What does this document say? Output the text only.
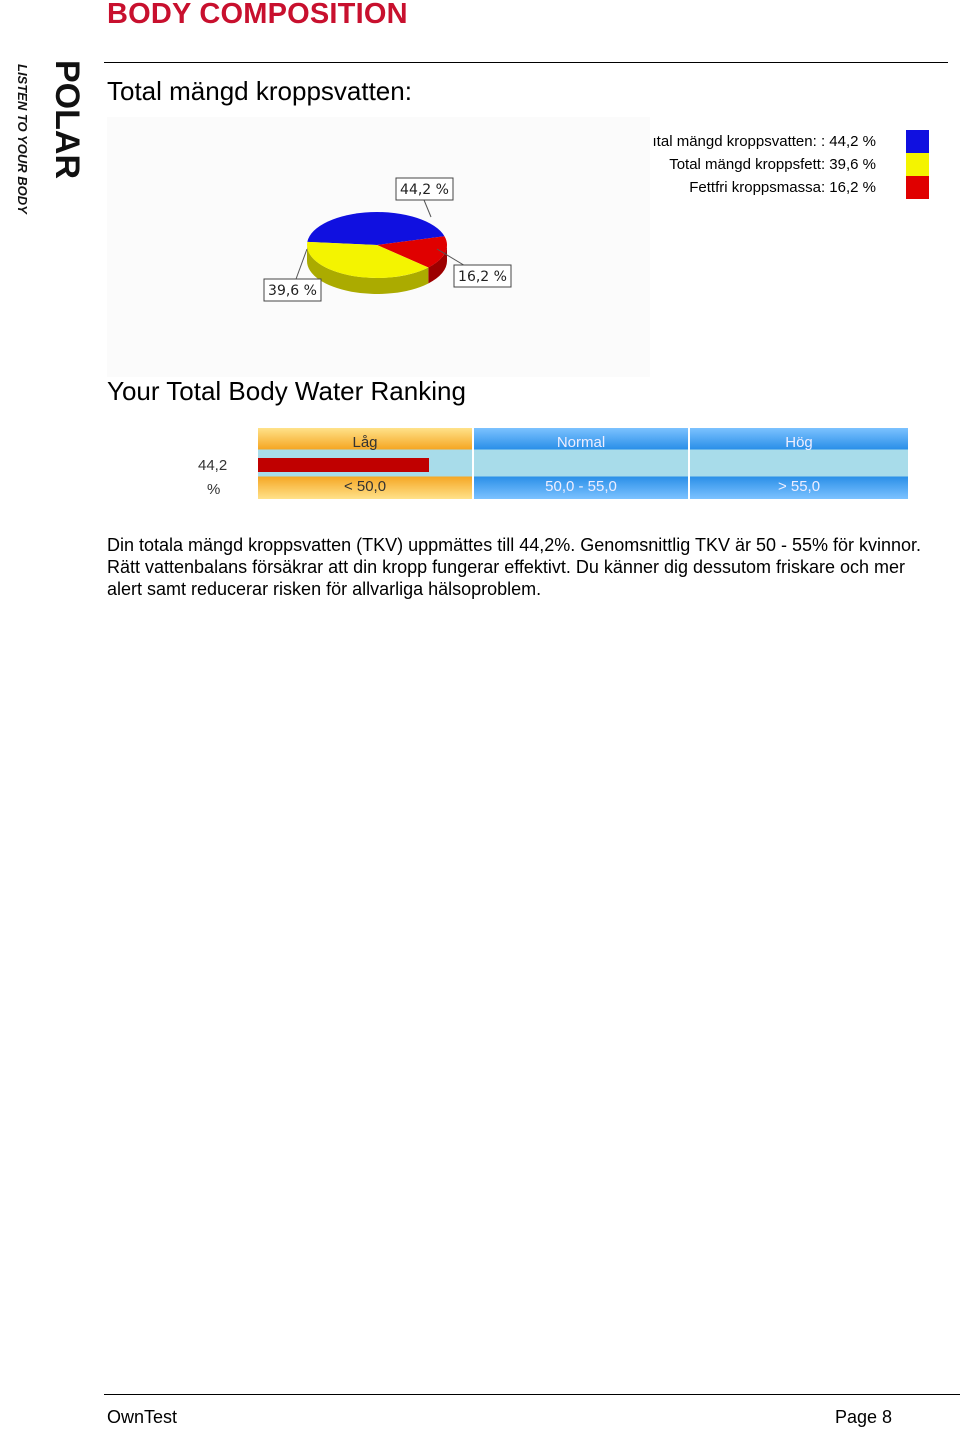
BODY COMPOSITION
POLAR
LISTEN TO YOUR BODY	Total mängd kroppsvatten:
44,2 %
39,6 %
16,2 %
ıtal mängd kroppsvatten: : 44,2 %
Total mängd kroppsfett: 39,6 %
Fettfri kroppsmassa: 16,2 %
Your Total Body Water Ranking
44,2
%
Låg
< 50,0
Normal
50,0 - 55,0
Hög
> 55,0
Din totala mängd kroppsvatten (TKV) uppmättes till 44,2%. Genomsnittlig TKV är 50 - 55% för kvinnor. Rätt vattenbalans försäkrar att din kropp fungerar effektivt. Du känner dig dessutom friskare och mer alert samt reducerar risken för allvarliga hälsoproblem.
OwnTest	Page 8
